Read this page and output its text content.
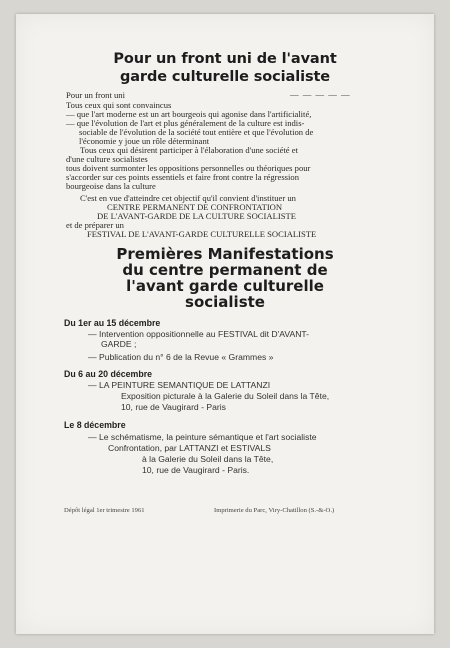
Pour un front uni de l'avant
garde culturelle socialiste
Pour un front uni	— — — — —
Tous ceux qui sont convaincus
— que l'art moderne est un art bourgeois qui agonise dans l'artificialité,
— que l'évolution de l'art et plus généralement de la culture est indis-
sociable de l'évolution de la société tout entière et que l'évolution de
l'économie y joue un rôle déterminant
Tous ceux qui désirent participer à l'élaboration d'une société et
d'une culture socialistes
tous doivent surmonter les oppositions personnelles ou théoriques pour
s'accorder sur ces points essentiels et faire front contre la régression
bourgeoise dans la culture
C'est en vue d'atteindre cet objectif qu'il convient d'instituer un
CENTRE PERMANENT DE CONFRONTATION
DE L'AVANT-GARDE DE LA CULTURE SOCIALISTE
et de préparer un
FESTIVAL DE L'AVANT-GARDE CULTURELLE SOCIALISTE
Premières Manifestations
du centre permanent de
l'avant garde culturelle
socialiste
Du 1er au 15 décembre
— Intervention oppositionnelle au FESTIVAL dit D'AVANT-
GARDE ;
— Publication du n° 6 de la Revue « Grammes »
Du 6 au 20 décembre
— LA PEINTURE SEMANTIQUE DE LATTANZI
Exposition picturale à la Galerie du Soleil dans la Tête,
10, rue de Vaugirard - Paris
Le 8 décembre
— Le schématisme, la peinture sémantique et l'art socialiste
Confrontation, par LATTANZI et ESTIVALS
à la Galerie du Soleil dans la Tête,
10, rue de Vaugirard - Paris.
Dépôt légal 1er trimestre 1961	Imprimerie du Parc, Viry-Chatillon (S.-&-O.)
